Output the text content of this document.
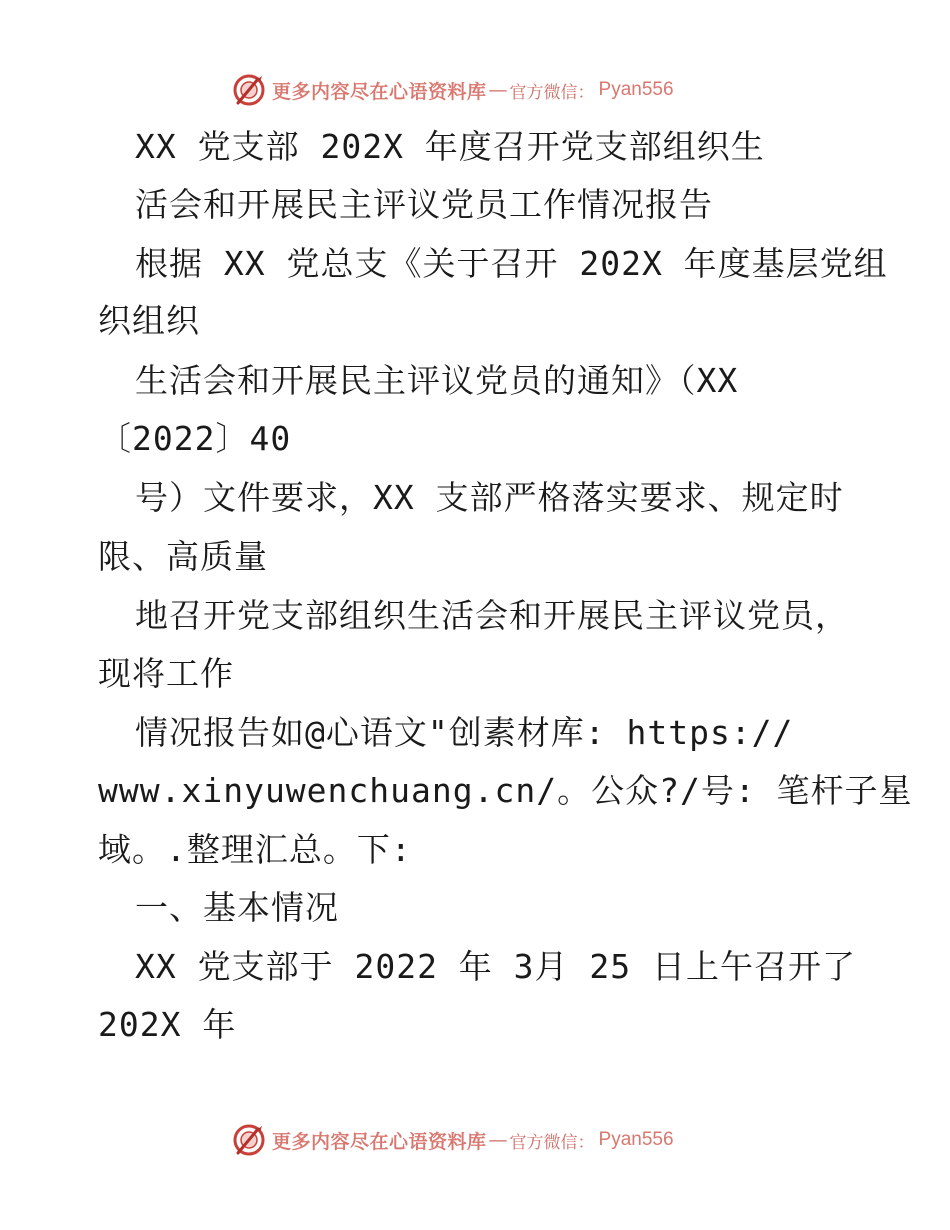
更多内容尽在心语资料库 — 官方微信： Pyan556
XX 党支部 202X 年度召开党支部组织生
活会和开展民主评议党员工作情况报告
根据 XX 党总支《关于召开 202X 年度基层党组
织组织
生活会和开展民主评议党员的通知》（XX
〔2022〕40
号）文件要求，XX 支部严格落实要求、规定时
限、高质量
地召开党支部组织生活会和开展民主评议党员，
现将工作
情况报告如@心语文"创素材库: https://
www.xinyuwenchuang.cn/。公众?/号: 笔杆子星
域。.整理汇总。下:
一、基本情况
XX 党支部于 2022 年 3月 25 日上午召开了
202X 年
更多内容尽在心语资料库 — 官方微信： Pyan556
